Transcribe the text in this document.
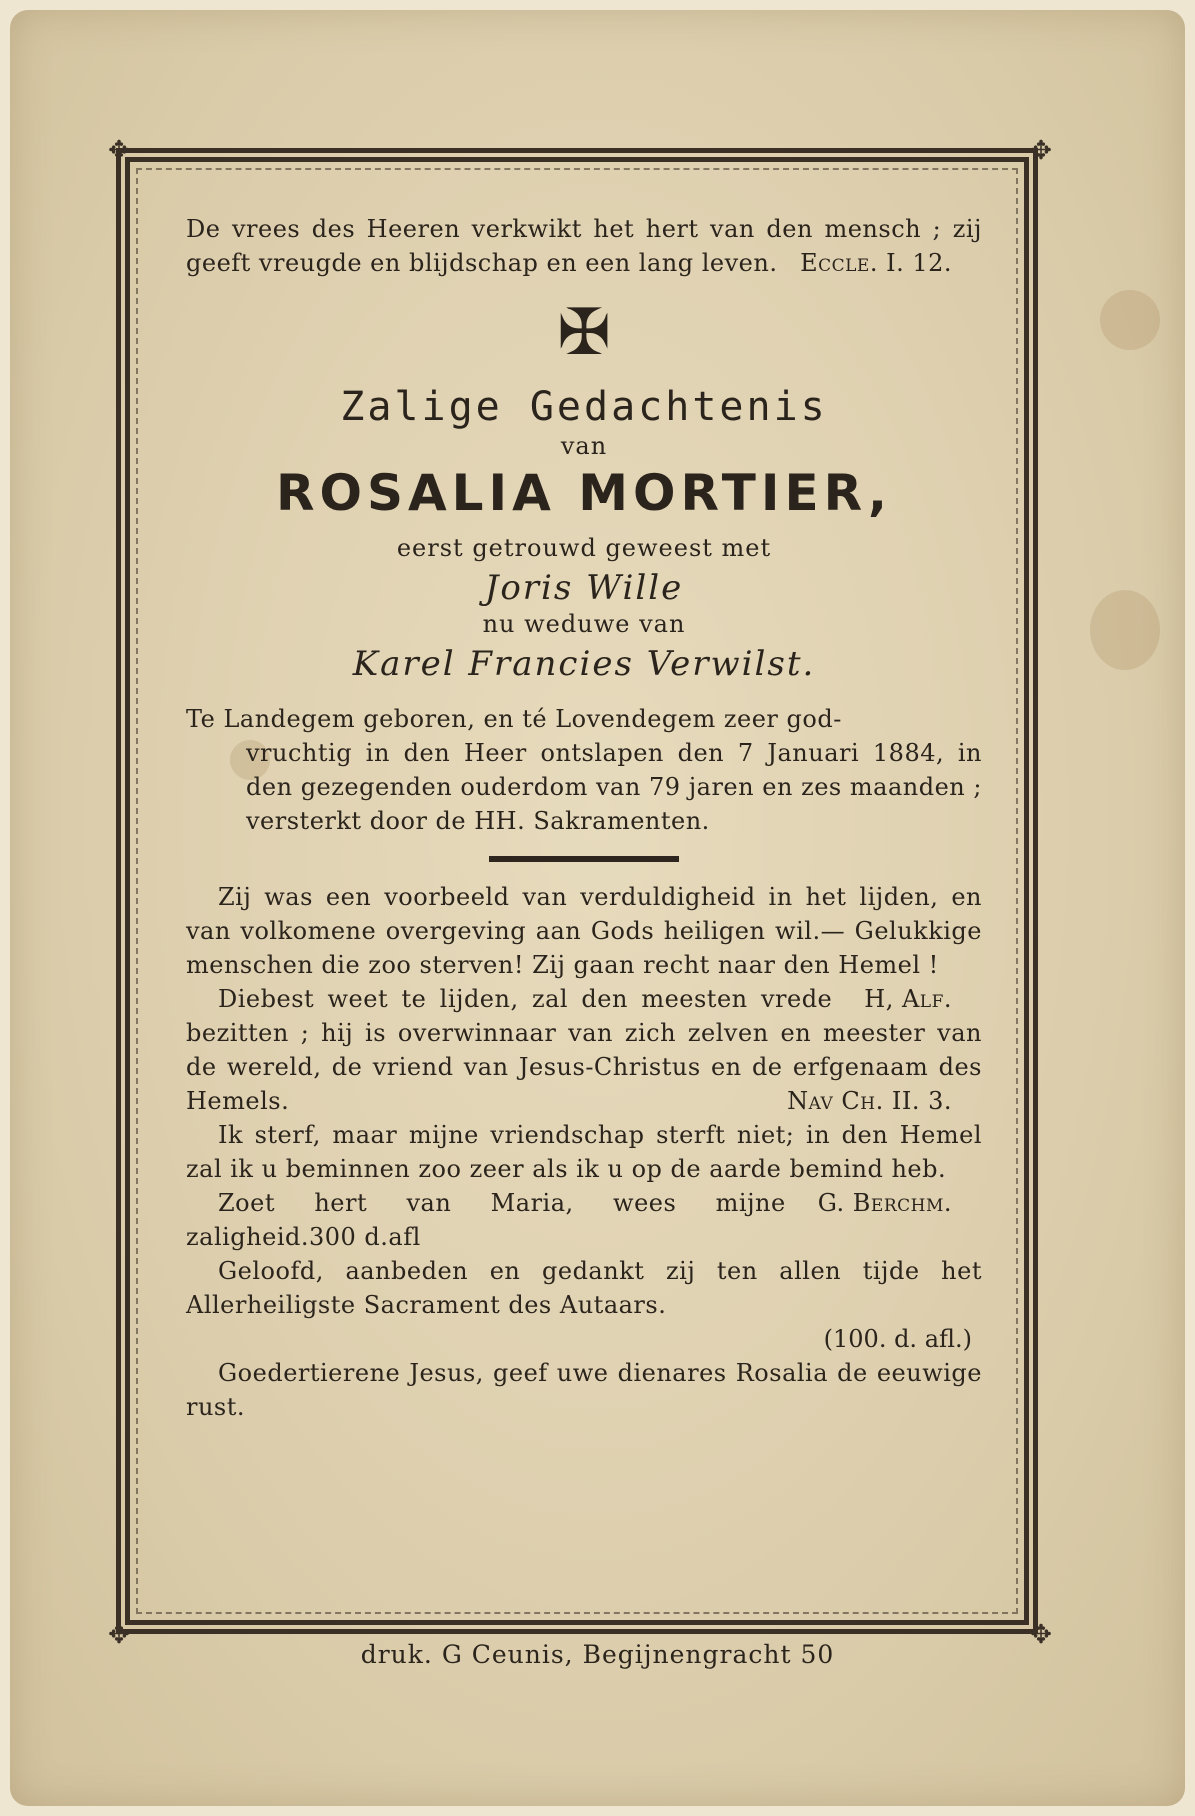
✥	✥
✥	✥
De vrees des Heeren verkwikt het hert van den mensch ; zij geeft vreugde en blijdschap en een lang leven. Eccle. I. 12.
✠
Zalige Gedachtenis
van
ROSALIA MORTIER,
eerst getrouwd geweest met
Joris Wille
nu weduwe van
Karel Francies Verwilst.
Te Landegem geboren, en té Lovendegem zeer god-
vruchtig in den Heer ontslapen den 7 Januari 1884, in den gezegenden ouderdom van 79 jaren en zes maanden ; versterkt door de HH. Sakramenten.
Zij was een voorbeeld van verduldigheid in het lijden, en van volkomene overgeving aan Gods heiligen wil.— Gelukkige menschen die zoo sterven! Zij gaan recht naar den Hemel !
H, Alf.
Diebest weet te lijden, zal den meesten vrede bezitten ; hij is overwinnaar van zich zelven en meester van de wereld, de vriend van Jesus-Christus en de erfgenaam des Hemels.	Nav Ch. II. 3.
Ik sterf, maar mijne vriendschap sterft niet; in den Hemel zal ik u beminnen zoo zeer als ik u op de aarde bemind heb.
G. Berchm.
Zoet hert van Maria, wees mijne zaligheid.300 d.afl
Geloofd, aanbeden en gedankt zij ten allen tijde het Allerheiligste Sacrament des Autaars.
(100. d. afl.)
Goedertierene Jesus, geef uwe dienares Rosalia de eeuwige rust.
druk. G Ceunis, Begijnengracht 50
